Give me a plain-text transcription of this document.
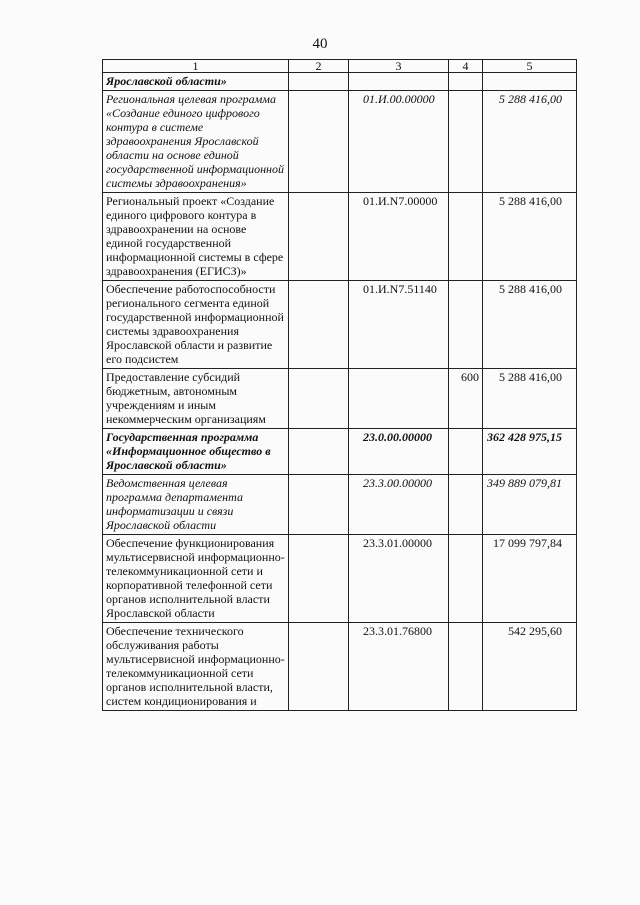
40
1	2	3	4	5
Ярославской области»				
Региональная целевая программа «Создание единого цифрового контура в системе здравоохранения Ярославской области на основе единой государственной информационной системы здравоохранения»		01.И.00.00000		5 288 416,00
Региональный проект «Создание единого цифрового контура в здравоохранении на основе единой государственной информационной системы в сфере здравоохранения (ЕГИСЗ)»		01.И.N7.00000		5 288 416,00
Обеспечение работоспособности регионального сегмента единой государственной информационной системы здравоохранения Ярославской области и развитие его подсистем		01.И.N7.51140		5 288 416,00
Предоставление субсидий бюджетным, автономным учреждениям и иным некоммерческим организациям			600	5 288 416,00
Государственная программа «Информационное общество в Ярославской области»		23.0.00.00000		362 428 975,15
Ведомственная целевая программа департамента информатизации и связи Ярославской области		23.3.00.00000		349 889 079,81
Обеспечение функционирования мультисервисной информационно-телекоммуникационной сети и корпоративной телефонной сети органов исполнительной власти Ярославской области		23.3.01.00000		17 099 797,84
Обеспечение технического обслуживания работы мультисервисной информационно-телекоммуникационной сети органов исполнительной власти, систем кондиционирования и		23.3.01.76800		542 295,60
